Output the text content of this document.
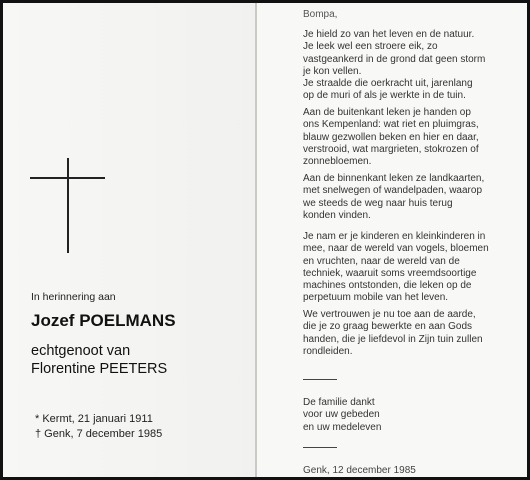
In herinnering aan
Jozef POELMANS
echtgenoot van
Florentine PEETERS
* Kermt, 21 januari 1911
† Genk, 7 december 1985
Bompa,
Je hield zo van het leven en de natuur.
Je leek wel een stroere eik, zo
vastgeankerd in de grond dat geen storm
je kon vellen.
Je straalde die oerkracht uit, jarenlang
op de muri of als je werkte in de tuin.
Aan de buitenkant leken je handen op
ons Kempenland: wat riet en pluimgras,
blauw gezwollen beken en hier en daar,
verstrooid, wat margrieten, stokrozen of
zonnebloemen.
Aan de binnenkant leken ze landkaarten,
met snelwegen of wandelpaden, waarop
we steeds de weg naar huis terug
konden vinden.
Je nam er je kinderen en kleinkinderen in
mee, naar de wereld van vogels, bloemen
en vruchten, naar de wereld van de
techniek, waaruit soms vreemdsoortige
machines ontstonden, die leken op de
perpetuum mobile van het leven.
We vertrouwen je nu toe aan de aarde,
die je zo graag bewerkte en aan Gods
handen, die je liefdevol in Zijn tuin zullen
rondleiden.
De familie dankt
voor uw gebeden
en uw medeleven
Genk, 12 december 1985
